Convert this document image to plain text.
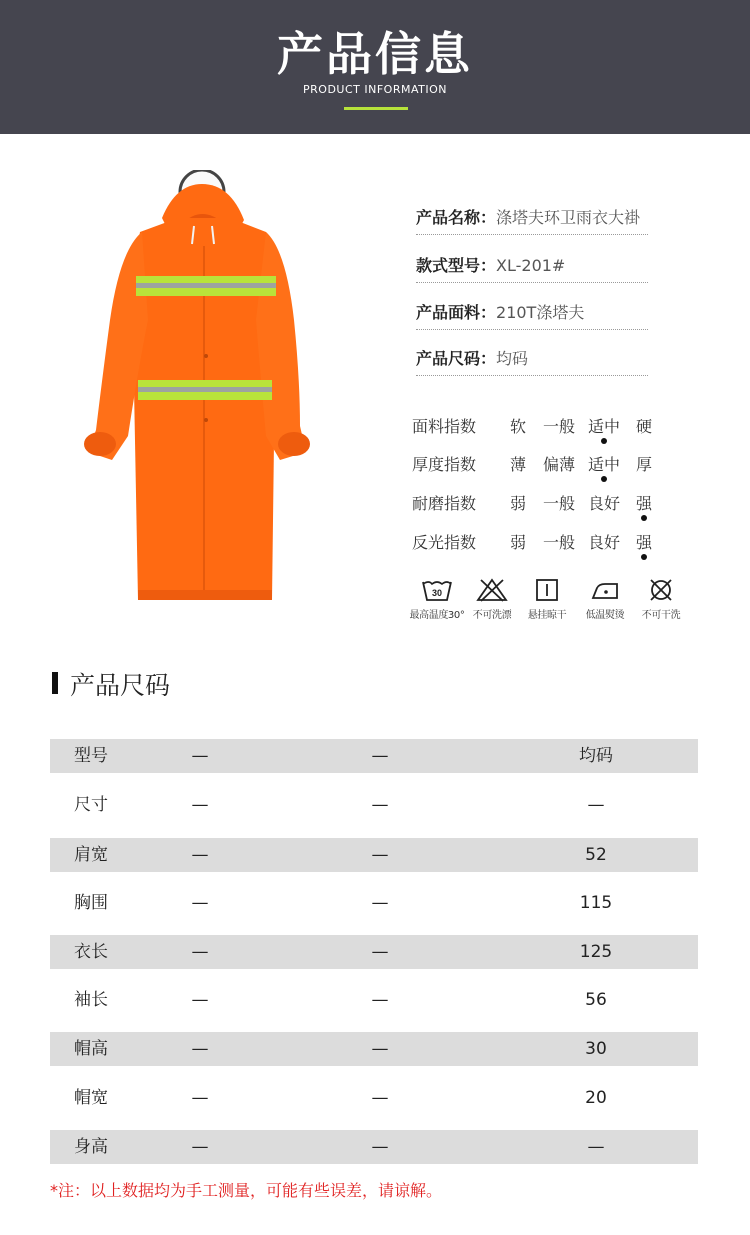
产品信息
PRODUCT INFORMATION
产品名称：涤塔夫环卫雨衣大褂
款式型号：XL-201#
产品面料：210T涤塔夫
产品尺码：均码
面料指数	软	一般 适中 硬
厚度指数	薄	偏薄 适中 厚
耐磨指数	弱	一般 良好 强
反光指数	弱	一般 良好 强
30
最高温度30° 不可洗漂	悬挂晾干	低温熨烫	不可干洗
产品尺码
型号	—	—	均码
尺寸	—	—	—
肩宽	—	—	52
胸围	—	—	115
衣长	—	—	125
袖长	—	—	56
帽高	—	—	30
帽宽	—	—	20
身高	—	—	—
*注：以上数据均为手工测量，可能有些误差，请谅解。
